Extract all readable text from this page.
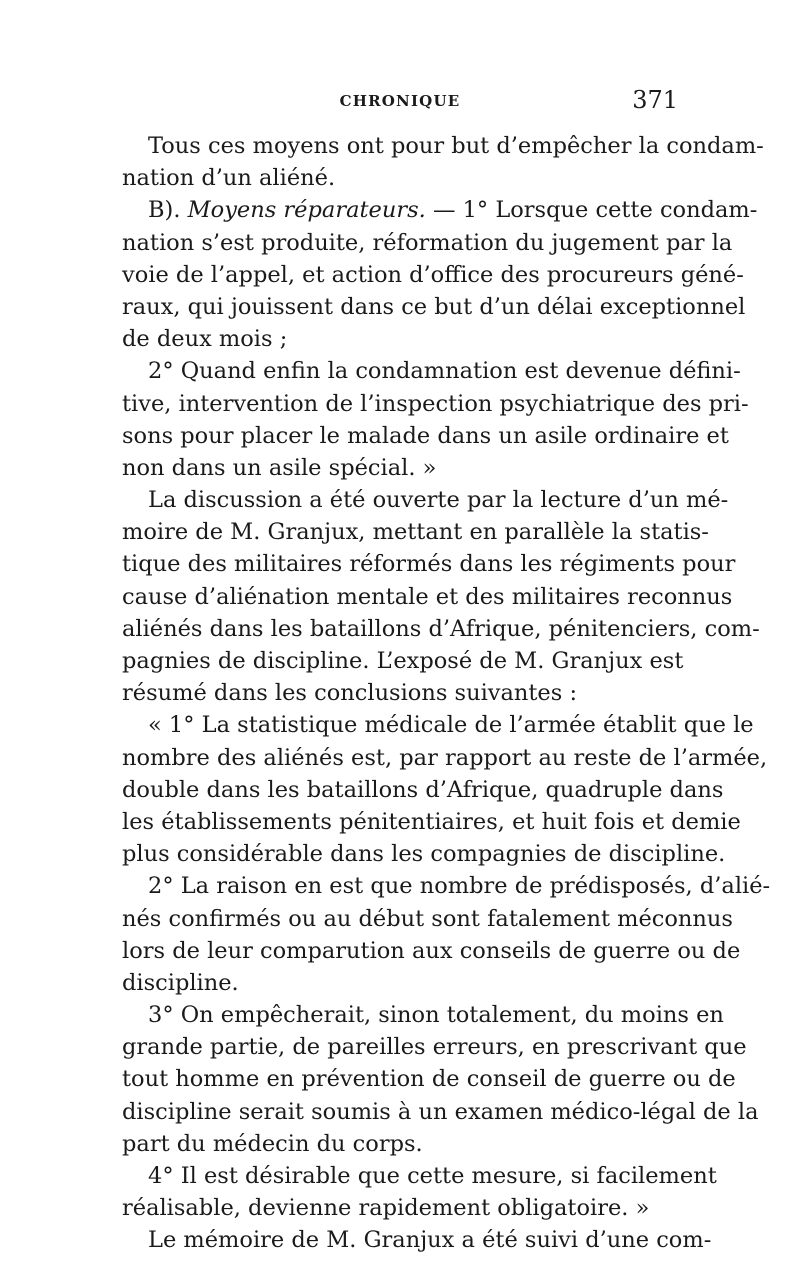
CHRONIQUE	371
Tous ces moyens ont pour but d’empêcher la condam-
nation d’un aliéné.
B). Moyens réparateurs. — 1° Lorsque cette condam-
nation s’est produite, réformation du jugement par la
voie de l’appel, et action d’office des procureurs géné-
raux, qui jouissent dans ce but d’un délai exceptionnel
de deux mois ;
2° Quand enfin la condamnation est devenue défini-
tive, intervention de l’inspection psychiatrique des pri-
sons pour placer le malade dans un asile ordinaire et
non dans un asile spécial. »
La discussion a été ouverte par la lecture d’un mé-
moire de M. Granjux, mettant en parallèle la statis-
tique des militaires réformés dans les régiments pour
cause d’aliénation mentale et des militaires reconnus
aliénés dans les bataillons d’Afrique, pénitenciers, com-
pagnies de discipline. L’exposé de M. Granjux est
résumé dans les conclusions suivantes :
« 1° La statistique médicale de l’armée établit que le
nombre des aliénés est, par rapport au reste de l’armée,
double dans les bataillons d’Afrique, quadruple dans
les établissements pénitentiaires, et huit fois et demie
plus considérable dans les compagnies de discipline.
2° La raison en est que nombre de prédisposés, d’alié-
nés confirmés ou au début sont fatalement méconnus
lors de leur comparution aux conseils de guerre ou de
discipline.
3° On empêcherait, sinon totalement, du moins en
grande partie, de pareilles erreurs, en prescrivant que
tout homme en prévention de conseil de guerre ou de
discipline serait soumis à un examen médico-légal de la
part du médecin du corps.
4° Il est désirable que cette mesure, si facilement
réalisable, devienne rapidement obligatoire. »
Le mémoire de M. Granjux a été suivi d’une com-
